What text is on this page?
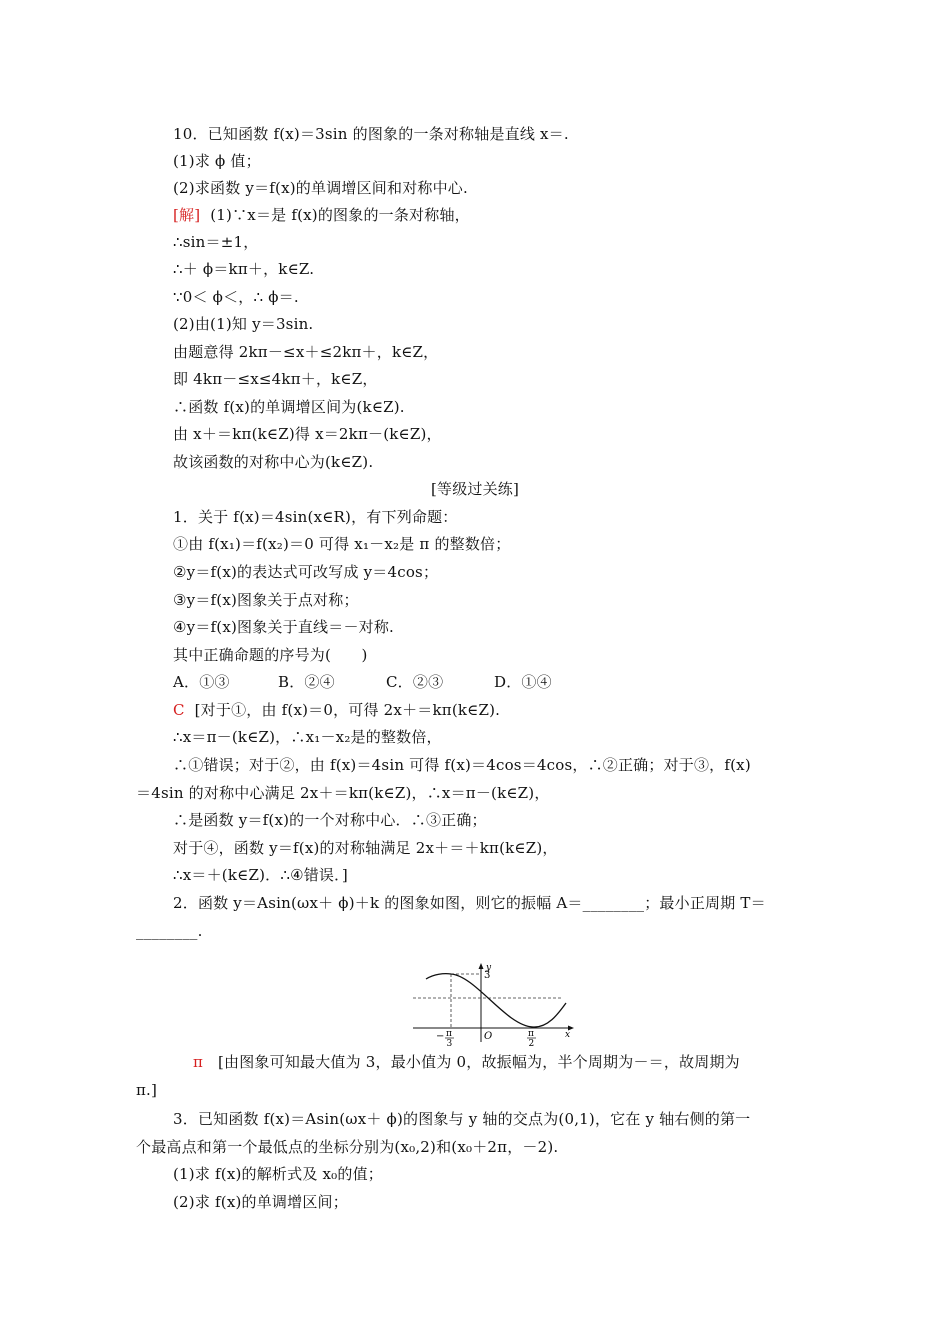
10．已知函数 f(x)＝3sin 的图象的一条对称轴是直线 x＝.
(1)求 ϕ 值；
(2)求函数 y＝f(x)的单调增区间和对称中心.
[解] (1)∵x＝是 f(x)的图象的一条对称轴，
∴sin＝±1，
∴＋ ϕ＝kπ＋，k∈Z.
∵0＜ ϕ＜，∴ ϕ＝.
(2)由(1)知 y＝3sin.
由题意得 2kπ－≤x＋≤2kπ＋，k∈Z，
即 4kπ－≤x≤4kπ＋，k∈Z，
∴函数 f(x)的单调增区间为(k∈Z).
由 x＋＝kπ(k∈Z)得 x＝2kπ－(k∈Z)，
故该函数的对称中心为(k∈Z).
[等级过关练]
1．关于 f(x)＝4sin(x∈R)，有下列命题：
①由 f(x₁)＝f(x₂)＝0 可得 x₁－x₂是 π 的整数倍；
②y＝f(x)的表达式可改写成 y＝4cos；
③y＝f(x)图象关于点对称；
④y＝f(x)图象关于直线＝－对称.
其中正确命题的序号为(　　)
A．①③	B．②④	C．②③	D．①④
C [对于①，由 f(x)＝0，可得 2x＋＝kπ(k∈Z).
∴x＝π－(k∈Z)，∴x₁－x₂是的整数倍，
∴①错误；对于②，由 f(x)＝4sin 可得 f(x)＝4cos＝4cos，∴②正确；对于③，f(x)
＝4sin 的对称中心满足 2x＋＝kπ(k∈Z)，∴x＝π－(k∈Z)，
∴是函数 y＝f(x)的一个对称中心．∴③正确；
对于④，函数 y＝f(x)的对称轴满足 2x＋＝＋kπ(k∈Z)，
∴x＝＋(k∈Z)．∴④错误．]
2．函数 y＝Asin(ωx＋ ϕ)＋k 的图象如图，则它的振幅 A＝________；最小正周期 T＝
________.
y
3
O	x
− π
3
π
2
π [由图象可知最大值为 3，最小值为 0，故振幅为，半个周期为－＝，故周期为
π.]
3．已知函数 f(x)＝Asin(ωx＋ ϕ)的图象与 y 轴的交点为(0,1)，它在 y 轴右侧的第一
个最高点和第一个最低点的坐标分别为(x₀,2)和(x₀＋2π，－2).
(1)求 f(x)的解析式及 x₀的值；
(2)求 f(x)的单调增区间；
